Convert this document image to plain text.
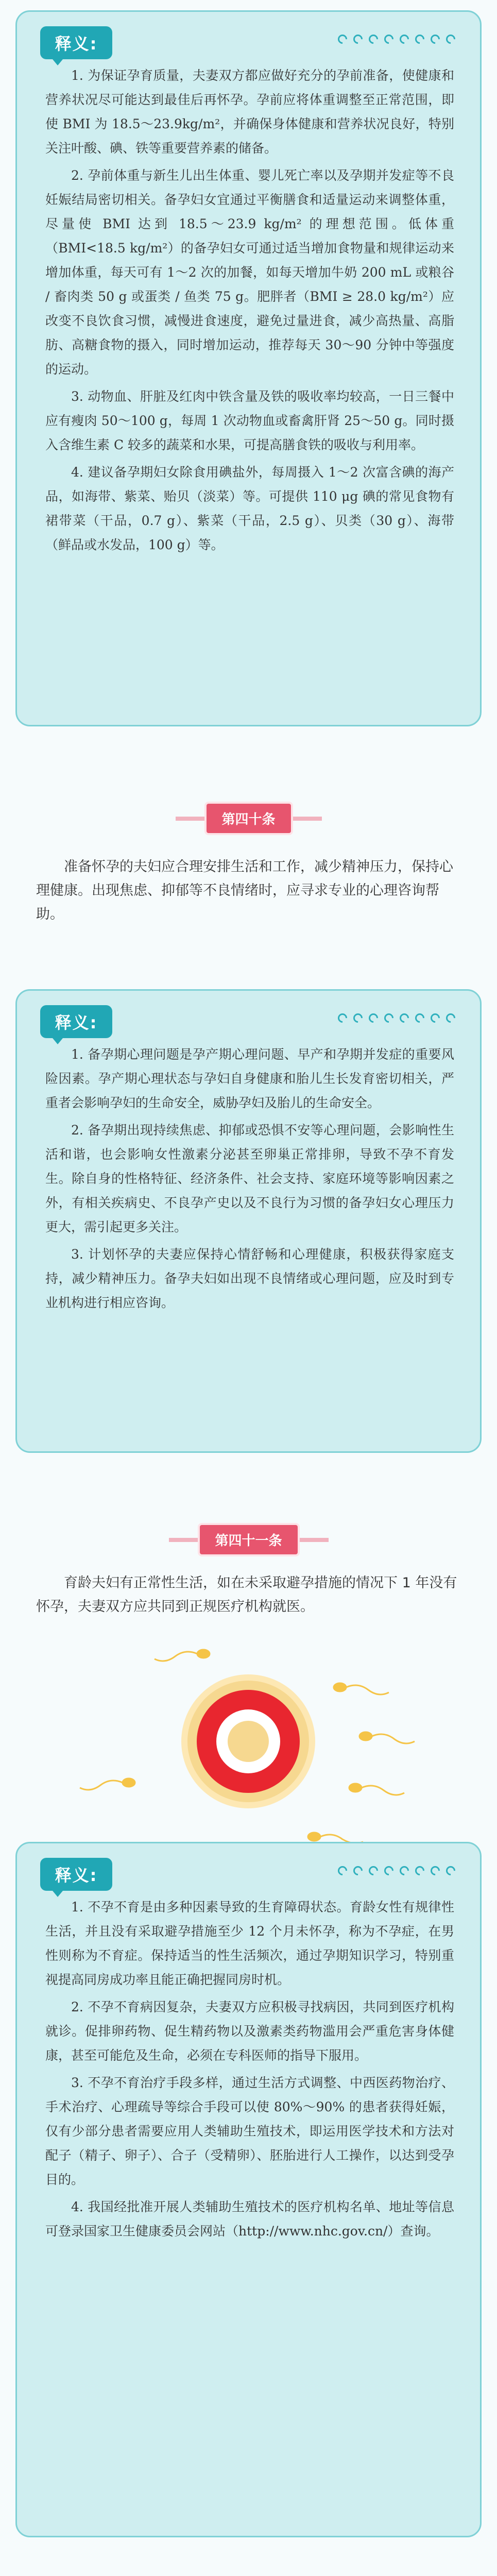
释义:

1. 为保证孕育质量，夫妻双方都应做好充分的孕前准备，使健康和营养状况尽可能达到最佳后再怀孕。孕前应将体重调整至正常范围，即使 BMI 为 18.5～23.9kg/m²，并确保身体健康和营养状况良好，特别关注叶酸、碘、铁等重要营养素的储备。

2. 孕前体重与新生儿出生体重、婴儿死亡率以及孕期并发症等不良妊娠结局密切相关。备孕妇女宜通过平衡膳食和适量运动来调整体重，尽量使 BMI 达到 18.5～23.9 kg/m² 的理想范围。低体重（BMI<18.5 kg/m²）的备孕妇女可通过适当增加食物量和规律运动来增加体重，每天可有 1～2 次的加餐，如每天增加牛奶 200 mL 或粮谷 / 畜肉类 50 g 或蛋类 / 鱼类 75 g。肥胖者（BMI ≥ 28.0 kg/m²）应改变不良饮食习惯，减慢进食速度，避免过量进食，减少高热量、高脂肪、高糖食物的摄入，同时增加运动，推荐每天 30～90 分钟中等强度的运动。

3. 动物血、肝脏及红肉中铁含量及铁的吸收率均较高，一日三餐中应有瘦肉 50～100 g，每周 1 次动物血或畜禽肝肾 25～50 g。同时摄入含维生素 C 较多的蔬菜和水果，可提高膳食铁的吸收与利用率。

4. 建议备孕期妇女除食用碘盐外，每周摄入 1～2 次富含碘的海产品，如海带、紫菜、贻贝（淡菜）等。可提供 110 μg 碘的常见食物有裙带菜（干品，0.7 g）、紫菜（干品，2.5 g）、贝类（30 g）、海带（鲜品或水发品，100 g）等。

第四十条

准备怀孕的夫妇应合理安排生活和工作，减少精神压力，保持心理健康。出现焦虑、抑郁等不良情绪时，应寻求专业的心理咨询帮助。

释义:

1. 备孕期心理问题是孕产期心理问题、早产和孕期并发症的重要风险因素。孕产期心理状态与孕妇自身健康和胎儿生长发育密切相关，严重者会影响孕妇的生命安全，威胁孕妇及胎儿的生命安全。

2. 备孕期出现持续焦虑、抑郁或恐惧不安等心理问题，会影响性生活和谐，也会影响女性激素分泌甚至卵巢正常排卵，导致不孕不育发生。除自身的性格特征、经济条件、社会支持、家庭环境等影响因素之外，有相关疾病史、不良孕产史以及不良行为习惯的备孕妇女心理压力更大，需引起更多关注。

3. 计划怀孕的夫妻应保持心情舒畅和心理健康，积极获得家庭支持，减少精神压力。备孕夫妇如出现不良情绪或心理问题，应及时到专业机构进行相应咨询。

第四十一条

育龄夫妇有正常性生活，如在未采取避孕措施的情况下 1 年没有怀孕，夫妻双方应共同到正规医疗机构就医。

释义:

1. 不孕不育是由多种因素导致的生育障碍状态。育龄女性有规律性生活，并且没有采取避孕措施至少 12 个月未怀孕，称为不孕症，在男性则称为不育症。保持适当的性生活频次，通过孕期知识学习，特别重视提高同房成功率且能正确把握同房时机。

2. 不孕不育病因复杂，夫妻双方应积极寻找病因，共同到医疗机构就诊。促排卵药物、促生精药物以及激素类药物滥用会严重危害身体健康，甚至可能危及生命，必须在专科医师的指导下服用。

3. 不孕不育治疗手段多样，通过生活方式调整、中西医药物治疗、手术治疗、心理疏导等综合手段可以使 80%～90% 的患者获得妊娠，仅有少部分患者需要应用人类辅助生殖技术，即运用医学技术和方法对配子（精子、卵子）、合子（受精卵）、胚胎进行人工操作，以达到受孕目的。

4. 我国经批准开展人类辅助生殖技术的医疗机构名单、地址等信息可登录国家卫生健康委员会网站（http://www.nhc.gov.cn/）查询。
